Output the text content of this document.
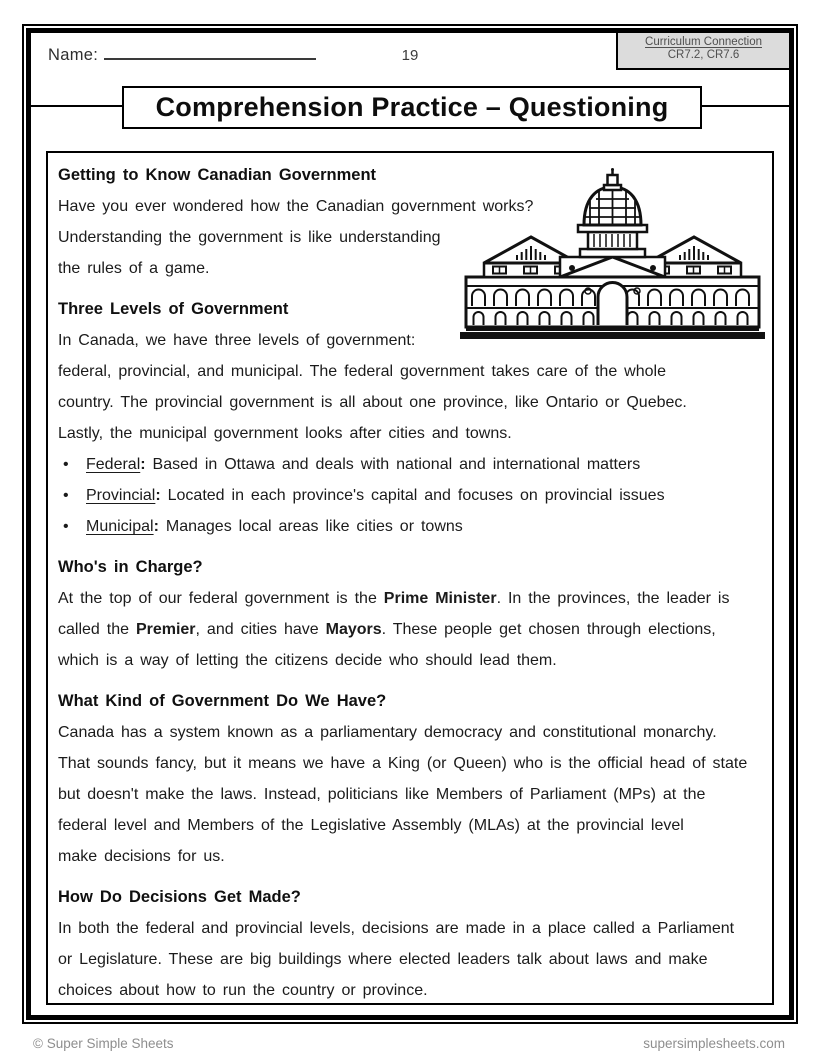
Name:	19
Curriculum Connection
CR7.2, CR7.6
Comprehension Practice – Questioning
Getting to Know Canadian Government
Have you ever wondered how the Canadian government works?
Understanding the government is like understanding
the rules of a game.
Three Levels of Government
In Canada, we have three levels of government:
federal, provincial, and municipal. The federal government takes care of the whole
country. The provincial government is all about one province, like Ontario or Quebec.
Lastly, the municipal government looks after cities and towns.
• Federal: Based in Ottawa and deals with national and international matters
• Provincial: Located in each province's capital and focuses on provincial issues
• Municipal: Manages local areas like cities or towns
Who's in Charge?
At the top of our federal government is the Prime Minister. In the provinces, the leader is
called the Premier, and cities have Mayors. These people get chosen through elections,
which is a way of letting the citizens decide who should lead them.
What Kind of Government Do We Have?
Canada has a system known as a parliamentary democracy and constitutional monarchy.
That sounds fancy, but it means we have a King (or Queen) who is the official head of state
but doesn't make the laws. Instead, politicians like Members of Parliament (MPs) at the
federal level and Members of the Legislative Assembly (MLAs) at the provincial level
make decisions for us.
How Do Decisions Get Made?
In both the federal and provincial levels, decisions are made in a place called a Parliament
or Legislature. These are big buildings where elected leaders talk about laws and make
choices about how to run the country or province.
© Super Simple Sheets	supersimplesheets.com
